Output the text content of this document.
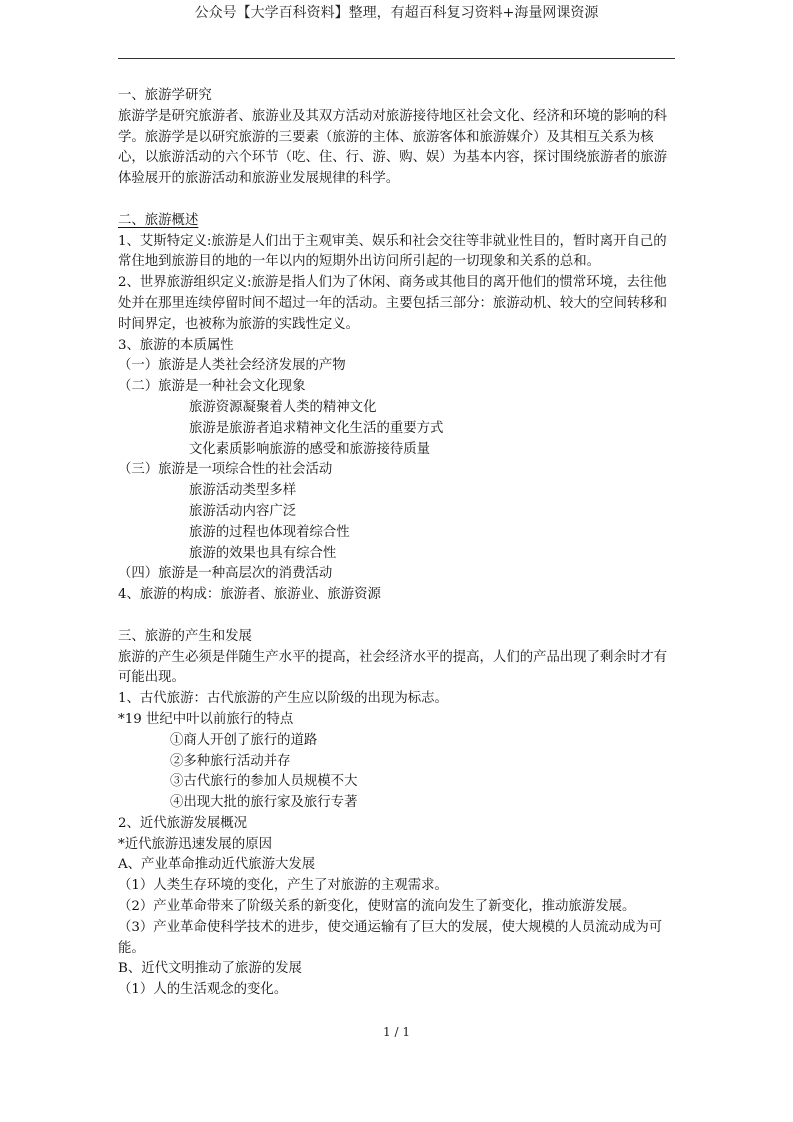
公众号【大学百科资料】整理，有超百科复习资料+海量网课资源

一、旅游学研究

旅游学是研究旅游者、旅游业及其双方活动对旅游接待地区社会文化、经济和环境的影响的科学。旅游学是以研究旅游的三要素（旅游的主体、旅游客体和旅游媒介）及其相互关系为核心，以旅游活动的六个环节（吃、住、行、游、购、娱）为基本内容，探讨围绕旅游者的旅游体验展开的旅游活动和旅游业发展规律的科学。

二、旅游概述

1、艾斯特定义:旅游是人们出于主观审美、娱乐和社会交往等非就业性目的，暂时离开自己的常住地到旅游目的地的一年以内的短期外出访问所引起的一切现象和关系的总和。

2、世界旅游组织定义:旅游是指人们为了休闲、商务或其他目的离开他们的惯常环境，去往他处并在那里连续停留时间不超过一年的活动。主要包括三部分：旅游动机、较大的空间转移和时间界定，也被称为旅游的实践性定义。

3、旅游的本质属性

（一）旅游是人类社会经济发展的产物

（二）旅游是一种社会文化现象

旅游资源凝聚着人类的精神文化

旅游是旅游者追求精神文化生活的重要方式

文化素质影响旅游的感受和旅游接待质量

（三）旅游是一项综合性的社会活动

旅游活动类型多样

旅游活动内容广泛

旅游的过程也体现着综合性

旅游的效果也具有综合性

（四）旅游是一种高层次的消费活动

4、旅游的构成：旅游者、旅游业、旅游资源

三、旅游的产生和发展

旅游的产生必须是伴随生产水平的提高，社会经济水平的提高，人们的产品出现了剩余时才有可能出现。

1、古代旅游：古代旅游的产生应以阶级的出现为标志。

*19 世纪中叶以前旅行的特点

①商人开创了旅行的道路

②多种旅行活动并存

③古代旅行的参加人员规模不大

④出现大批的旅行家及旅行专著

2、近代旅游发展概况

*近代旅游迅速发展的原因

A、产业革命推动近代旅游大发展

（1）人类生存环境的变化，产生了对旅游的主观需求。

（2）产业革命带来了阶级关系的新变化，使财富的流向发生了新变化，推动旅游发展。

（3）产业革命使科学技术的进步，使交通运输有了巨大的发展，使大规模的人员流动成为可能。

B、近代文明推动了旅游的发展

（1）人的生活观念的变化。

1 / 1
